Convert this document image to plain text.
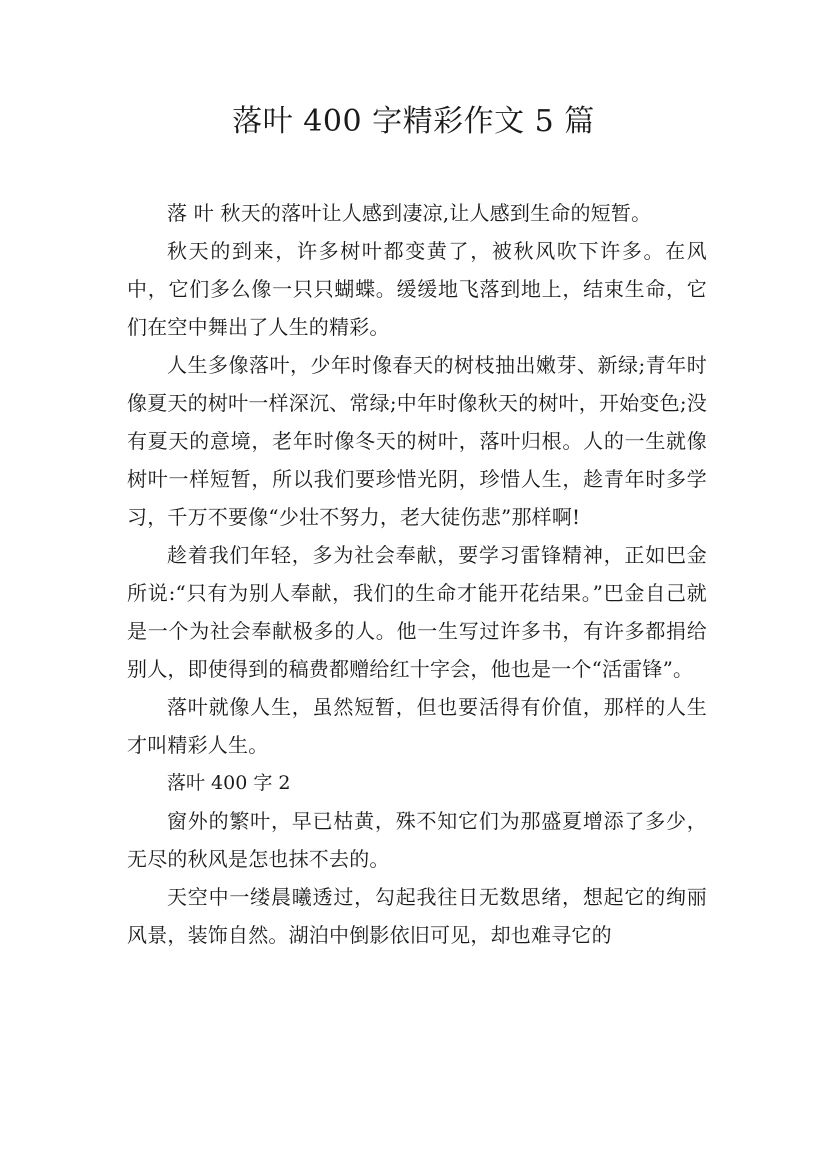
落叶 400 字精彩作文 5 篇

落 叶 秋天的落叶让人感到凄凉,让人感到生命的短暂。

秋天的到来，许多树叶都变黄了，被秋风吹下许多。在风中，它们多么像一只只蝴蝶。缓缓地飞落到地上，结束生命，它们在空中舞出了人生的精彩。

人生多像落叶，少年时像春天的树枝抽出嫩芽、新绿;青年时像夏天的树叶一样深沉、常绿;中年时像秋天的树叶，开始变色;没有夏天的意境，老年时像冬天的树叶，落叶归根。人的一生就像树叶一样短暂，所以我们要珍惜光阴，珍惜人生，趁青年时多学习，千万不要像“少壮不努力，老大徒伤悲”那样啊!

趁着我们年轻，多为社会奉献，要学习雷锋精神，正如巴金所说:“只有为别人奉献，我们的生命才能开花结果。”巴金自己就是一个为社会奉献极多的人。他一生写过许多书，有许多都捐给别人，即使得到的稿费都赠给红十字会，他也是一个“活雷锋”。

落叶就像人生，虽然短暂，但也要活得有价值，那样的人生才叫精彩人生。

落叶 400 字 2

窗外的繁叶，早已枯黄，殊不知它们为那盛夏增添了多少，无尽的秋风是怎也抹不去的。

天空中一缕晨曦透过，勾起我往日无数思绪，想起它的绚丽风景，装饰自然。湖泊中倒影依旧可见，却也难寻它的
